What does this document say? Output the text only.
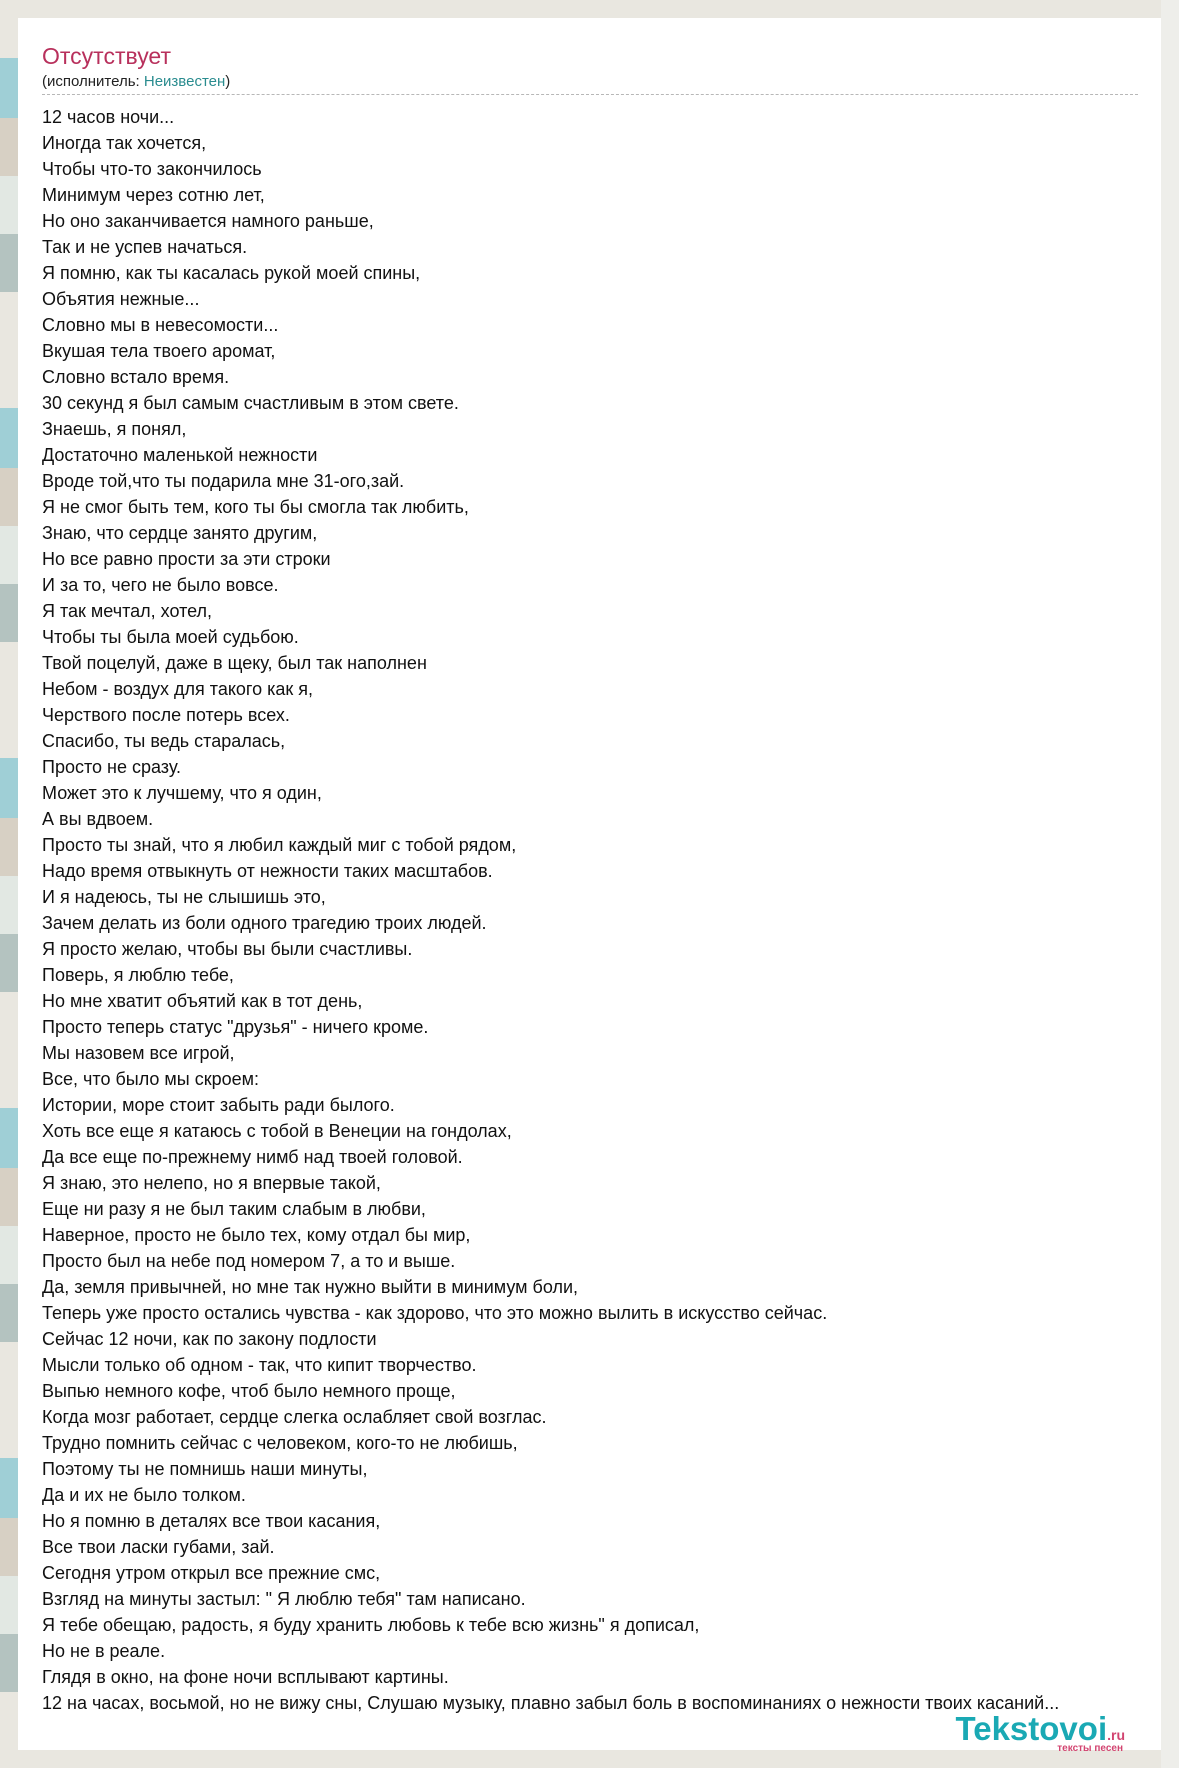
Отсутствует
(исполнитель: Неизвестен)
12 часов ночи...
Иногда так хочется,
Чтобы что-то закончилось
Минимум через сотню лет,
Но оно заканчивается намного раньше,
Так и не успев начаться.
Я помню, как ты касалась рукой моей спины,
Объятия нежные...
Словно мы в невесомости...
Вкушая тела твоего аромат,
Словно встало время.
30 секунд я был самым счастливым в этом свете.
Знаешь, я понял,
Достаточно маленькой нежности
Вроде той,что ты подарила мне 31-ого,зай.
Я не смог быть тем, кого ты бы смогла так любить,
Знаю, что сердце занято другим,
Но все равно прости за эти строки
И за то, чего не было вовсе.
Я так мечтал, хотел,
Чтобы ты была моей судьбою.
Твой поцелуй, даже в щеку, был так наполнен
Небом - воздух для такого как я,
Черствого после потерь всех.
Спасибо, ты ведь старалась,
Просто не сразу.
Может это к лучшему, что я один,
А вы вдвоем.
Просто ты знай, что я любил каждый миг с тобой рядом,
Надо время отвыкнуть от нежности таких масштабов.
И я надеюсь, ты не слышишь это,
Зачем делать из боли одного трагедию троих людей.
Я просто желаю, чтобы вы были счастливы.
Поверь, я люблю тебе,
Но мне хватит объятий как в тот день,
Просто теперь статус "друзья" - ничего кроме.
Мы назовем все игрой,
Все, что было мы скроем:
Истории, море стоит забыть ради былого.
Хоть все еще я катаюсь с тобой в Венеции на гондолах,
Да все еще по-прежнему нимб над твоей головой.
Я знаю, это нелепо, но я впервые такой,
Еще ни разу я не был таким слабым в любви,
Наверное, просто не было тех, кому отдал бы мир,
Просто был на небе под номером 7, а то и выше.
Да, земля привычней, но мне так нужно выйти в минимум боли,
Теперь уже просто остались чувства - как здорово, что это можно вылить в искусство сейчас.
Сейчас 12 ночи, как по закону подлости
Мысли только об одном - так, что кипит творчество.
Выпью немного кофе, чтоб было немного проще,
Когда мозг работает, сердце слегка ослабляет свой возглас.
Трудно помнить сейчас с человеком, кого-то не любишь,
Поэтому ты не помнишь наши минуты,
Да и их не было толком.
Но я помню в деталях все твои касания,
Все твои ласки губами, зай.
Сегодня утром открыл все прежние смс,
Взгляд на минуты застыл: " Я люблю тебя" там написано.
Я тебе обещаю, радость, я буду хранить любовь к тебе всю жизнь" я дописал,
Но не в реале.
Глядя в окно, на фоне ночи всплывают картины.
12 на часах, восьмой, но не вижу сны, Слушаю музыку, плавно забыл боль в воспоминаниях о нежности твоих касаний...
Tekstovoi.ru
тексты песен
